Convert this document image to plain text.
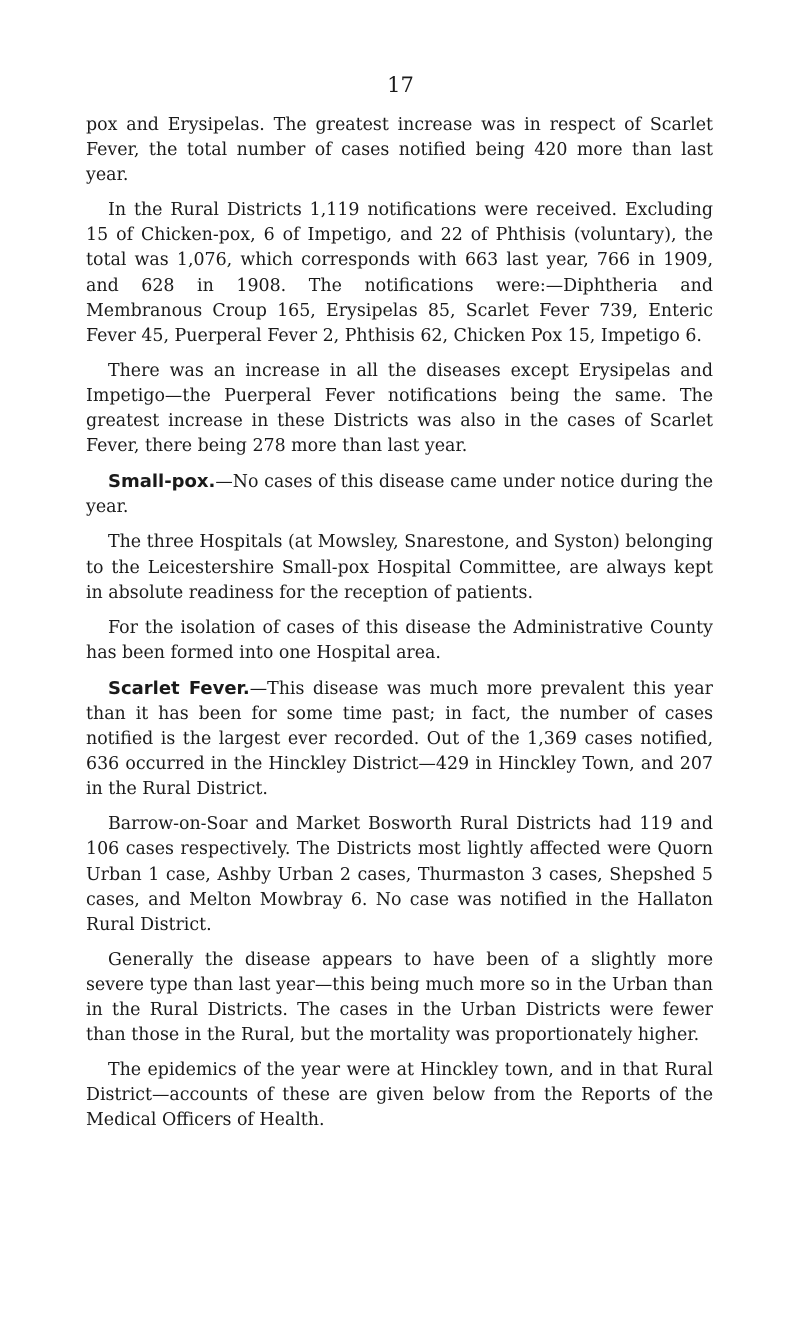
17

pox and Erysipelas. The greatest increase was in respect of Scarlet Fever, the total number of cases notified being 420 more than last year.

In the Rural Districts 1,119 notifications were received. Excluding 15 of Chicken-pox, 6 of Impetigo, and 22 of Phthisis (voluntary), the total was 1,076, which corresponds with 663 last year, 766 in 1909, and 628 in 1908. The notifications were:—Diphtheria and Membranous Croup 165, Erysipelas 85, Scarlet Fever 739, Enteric Fever 45, Puerperal Fever 2, Phthisis 62, Chicken Pox 15, Impetigo 6.

There was an increase in all the diseases except Erysipelas and Impetigo—the Puerperal Fever notifications being the same. The greatest increase in these Districts was also in the cases of Scarlet Fever, there being 278 more than last year.

Small-pox.—No cases of this disease came under notice during the year.

The three Hospitals (at Mowsley, Snarestone, and Syston) belonging to the Leicestershire Small-pox Hospital Committee, are always kept in absolute readiness for the reception of patients.

For the isolation of cases of this disease the Administrative County has been formed into one Hospital area.

Scarlet Fever.—This disease was much more prevalent this year than it has been for some time past; in fact, the number of cases notified is the largest ever recorded. Out of the 1,369 cases notified, 636 occurred in the Hinckley District—429 in Hinckley Town, and 207 in the Rural District.

Barrow-on-Soar and Market Bosworth Rural Districts had 119 and 106 cases respectively. The Districts most lightly affected were Quorn Urban 1 case, Ashby Urban 2 cases, Thurmaston 3 cases, Shepshed 5 cases, and Melton Mowbray 6. No case was notified in the Hallaton Rural District.

Generally the disease appears to have been of a slightly more severe type than last year—this being much more so in the Urban than in the Rural Districts. The cases in the Urban Districts were fewer than those in the Rural, but the mortality was proportionately higher.

The epidemics of the year were at Hinckley town, and in that Rural District—accounts of these are given below from the Reports of the Medical Officers of Health.
